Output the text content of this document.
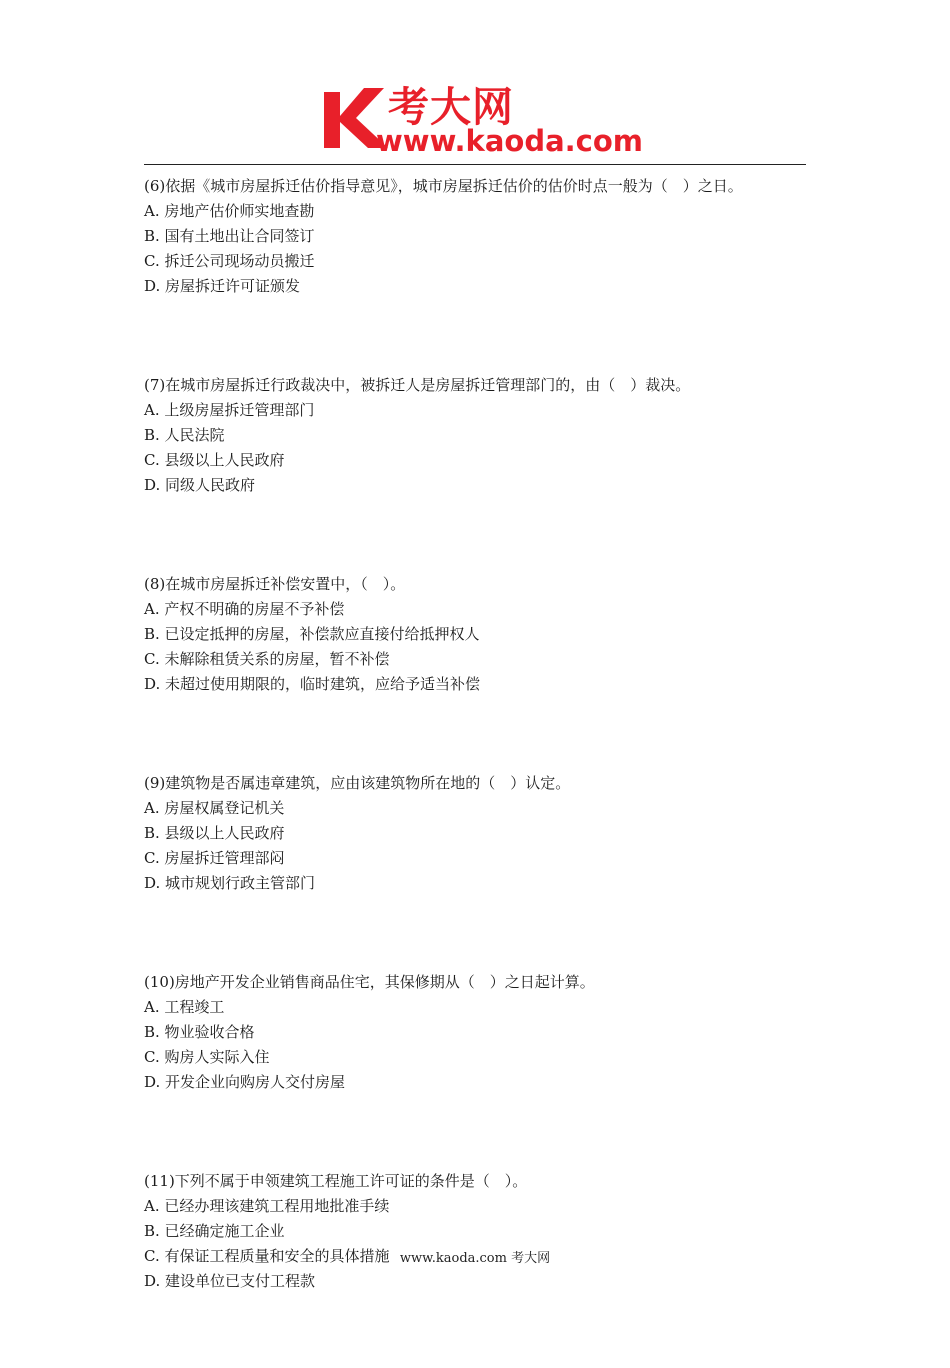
考大网
www.kaoda.com

(6)依据《城市房屋拆迁估价指导意见》，城市房屋拆迁估价的估价时点一般为（　）之日。

A. 房地产估价师实地查勘

B. 国有土地出让合同签订

C. 拆迁公司现场动员搬迁

D. 房屋拆迁许可证颁发

(7)在城市房屋拆迁行政裁决中，被拆迁人是房屋拆迁管理部门的，由（　）裁决。

A. 上级房屋拆迁管理部门

B. 人民法院

C. 县级以上人民政府

D. 同级人民政府

(8)在城市房屋拆迁补偿安置中，（　）。

A. 产权不明确的房屋不予补偿

B. 已设定抵押的房屋，补偿款应直接付给抵押权人

C. 未解除租赁关系的房屋，暂不补偿

D. 未超过使用期限的，临时建筑，应给予适当补偿

(9)建筑物是否属违章建筑，应由该建筑物所在地的（　）认定。

A. 房屋权属登记机关

B. 县级以上人民政府

C. 房屋拆迁管理部闷

D. 城市规划行政主管部门

(10)房地产开发企业销售商品住宅，其保修期从（　）之日起计算。

A. 工程竣工

B. 物业验收合格

C. 购房人实际入住

D. 开发企业向购房人交付房屋

(11)下列不属于申领建筑工程施工许可证的条件是（　）。

A. 已经办理该建筑工程用地批准手续

B. 已经确定施工企业

C. 有保证工程质量和安全的具体措施

D. 建设单位已支付工程款

www.kaoda.com 考大网
